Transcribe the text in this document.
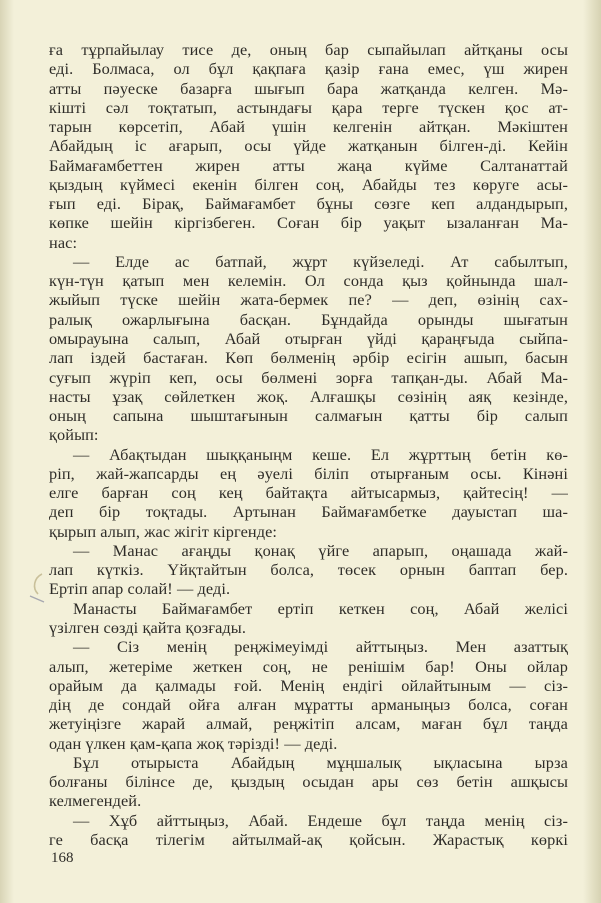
ға тұрпайылау тисе де, оның бар сыпайылап айтқаны осы
еді. Болмаса, ол бұл қақпаға қазір ғана емес, үш жирен
атты пәуеске базарға шығып бара жатқанда келген. Мә-
кішті сәл тоқтатып, астындағы қара терге түскен қос ат-
тарын көрсетіп, Абай үшін келгенін айтқан. Мәкіштен
Абайдың іс ағарып, осы үйде жатқанын білген-ді. Кейін
Баймағамбеттен жирен атты жаңа күйме Салтанаттай
қыздың күймесі екенін білген соң, Абайды тез көруге асы-
ғып еді. Бірақ, Баймағамбет бұны сөзге кеп алдандырып,
көпке шейін кіргізбеген. Соған бір уақыт ызаланған Ма-
нас:
— Елде ас батпай, жұрт күйзеледі. Ат сабылтып,
күн-түн қатып мен келемін. Ол сонда қыз қойнында шал-
жыйып түске шейін жата-бермек пе? — деп, өзінің сах-
ралық ожарлығына басқан. Бұндайда орынды шығатын
омырауына салып, Абай отырған үйді қараңғыда сыйпа-
лап іздей бастаған. Көп бөлменің әрбір есігін ашып, басын
суғып жүріп кеп, осы бөлмені зорға тапқан-ды. Абай Ма-
насты ұзақ сөйлеткен жоқ. Алғашқы сөзінің аяқ кезінде,
оның сапына шыштағынын салмағын қатты бір салып
қойып:
— Абақтыдан шыққаныңм кеше. Ел жұрттың бетін кө-
ріп, жай-жапсарды ең әуелі біліп отырғаным осы. Кінәні
елге барған соң кең байтақта айтысармыз, қайтесің! —
деп бір тоқтады. Артынан Баймағамбетке дауыстап ша-
қырып алып, жас жігіт кіргенде:
— Манас ағаңды қонақ үйге апарып, оңашада жай-
лап күткіз. Үйқтайтын болса, төсек орнын баптап бер.
Ертіп апар солай! — деді.
Манасты Баймағамбет ертіп кеткен соң, Абай желісі
үзілген сөзді қайта қозғады.
— Сіз менің реңжімеуімді айттыңыз. Мен азаттық
алып, жетеріме жеткен соң, не ренішім бар! Оны ойлар
орайым да қалмады ғой. Менің ендігі ойлайтыным — сіз-
дің де сондай ойға алған мұратты арманыңыз болса, соған
жетуіңізге жарай алмай, реңжітіп алсам, маған бұл таңда
одан үлкен қам-қапа жоқ тәрізді! — деді.
Бұл отырыста Абайдың мұңшалық ықласына ырза
болғаны білінсе де, қыздың осыдан ары сөз бетін ашқысы
келмегендей.
— Хұб айттыңыз, Абай. Ендеше бұл таңда менің сіз-
ге басқа тілегім айтылмай-ақ қойсын. Жарастық көркі
168
